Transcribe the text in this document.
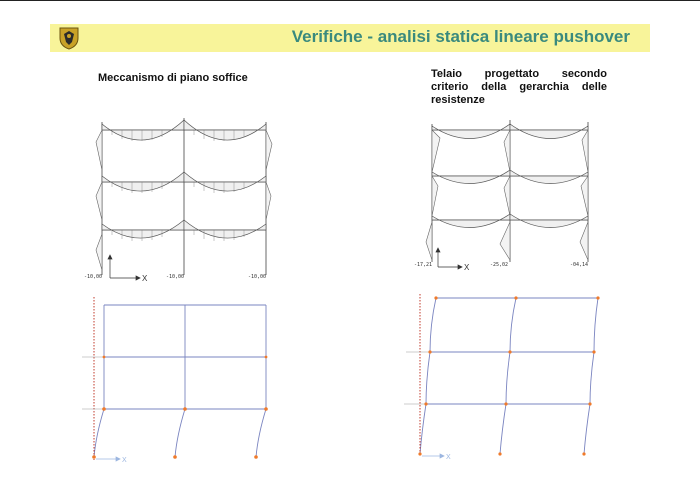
Verifiche - analisi statica lineare pushover
Meccanismo di piano soffice	Telaio progettato secondo criterio della gerarchia delle resistenze
X
-10,00	-10,00	-10,00
X
-17,21	-25,02	-04,14
X	X
